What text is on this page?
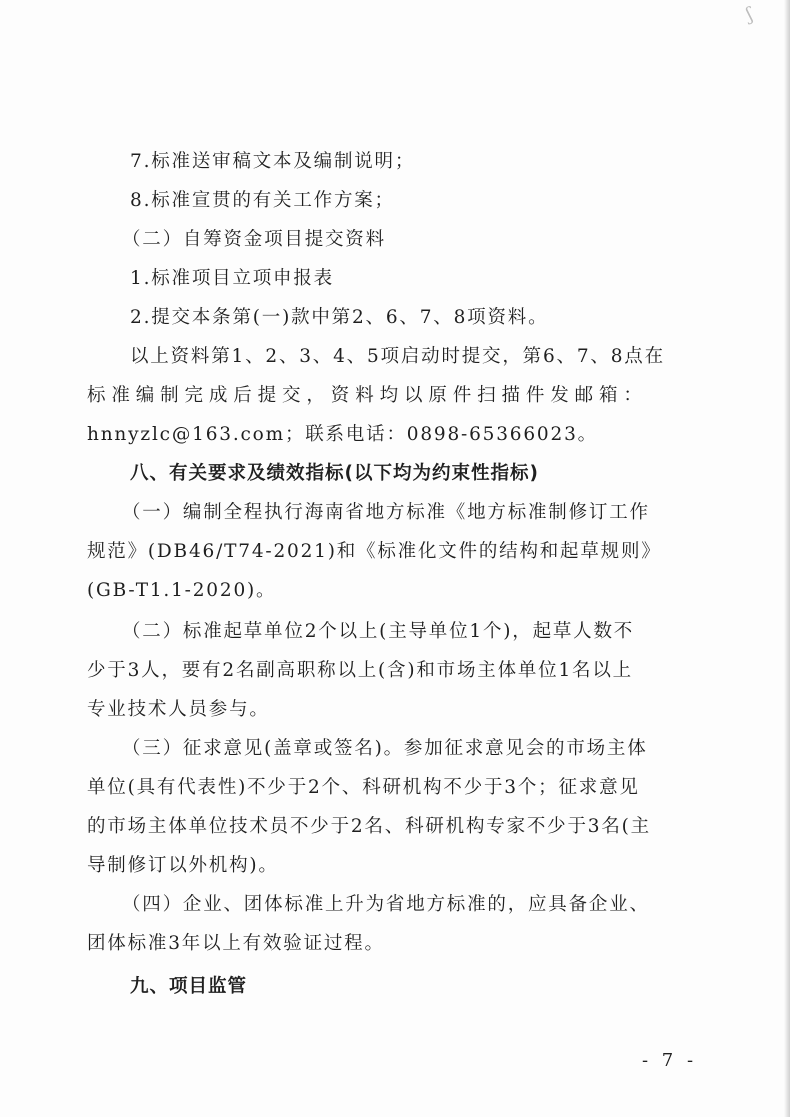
ʃ

7.标准送审稿文本及编制说明；

8.标准宣贯的有关工作方案；

（二）自筹资金项目提交资料

1.标准项目立项申报表

2.提交本条第(一)款中第2、6、7、8项资料。

以上资料第1、2、3、4、5项启动时提交，第6、7、8点在

标 准 编 制 完 成 后 提 交 ， 资 料 均 以 原 件 扫 描 件 发 邮 箱 ：

hnnyzlc@163.com；联系电话：0898-65366023。

八、有关要求及绩效指标(以下均为约束性指标)

（一）编制全程执行海南省地方标准《地方标准制修订工作

规范》(DB46/T74-2021)和《标准化文件的结构和起草规则》

(GB-T1.1-2020)。

（二）标准起草单位2个以上(主导单位1个)，起草人数不

少于3人，要有2名副高职称以上(含)和市场主体单位1名以上

专业技术人员参与。

（三）征求意见(盖章或签名)。参加征求意见会的市场主体

单位(具有代表性)不少于2个、科研机构不少于3个；征求意见

的市场主体单位技术员不少于2名、科研机构专家不少于3名(主

导制修订以外机构)。

（四）企业、团体标准上升为省地方标准的，应具备企业、

团体标准3年以上有效验证过程。

九、项目监管

- 7 -
